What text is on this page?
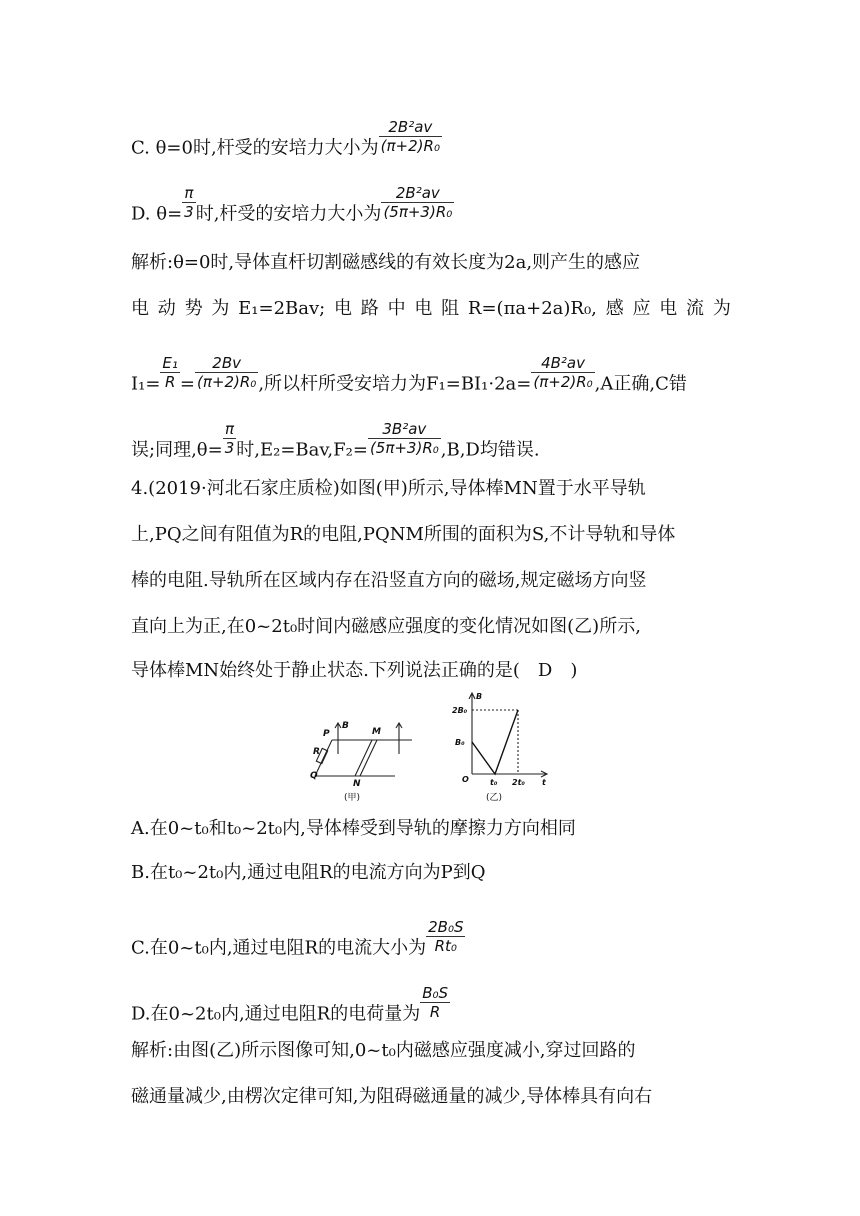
C. θ=0时,杆受的安培力大小为 $\frac{\text{2B²av}}{\text{(π+2)R₀}}$
D. $\theta= \frac{\pi}{3}$ 时,杆受的安培力大小为 $\frac{\text{2B²av}}{\text{(5π+3)R₀}}$
解析:θ=0时,导体直杆切割磁感线的有效长度为2a,则产生的感应
电 动 势 为 E₁=2Bav; 电 路 中 电 阻 R=(πa+2a)R₀, 感 应 电 流 为
$I_1= \frac{\text{E₁}}{R} = \frac{2Bv}{\text{(π+2)R₀}}$ ,所以杆所受安培力为$F_1=BI_1\cdot 2a= \frac{\text{4B²av}}{\text{(π+2)R₀}} ,A$正确,C错
误;同理$,\theta= \frac{\pi}{3}$ 时$,E_2=Bav,F_2= \frac{\text{3B²av}}{\text{(5π+3)R₀}} ,B,D$均错误.
4.(2019·河北石家庄质检)如图(甲)所示,导体棒MN置于水平导轨
上,PQ之间有阻值为R的电阻,PQNM所围的面积为S,不计导轨和导体
棒的电阻.导轨所在区域内存在沿竖直方向的磁场,规定磁场方向竖
直向上为正,在0~2t₀时间内磁感应强度的变化情况如图(乙)所示,
导体棒MN始终处于静止状态.下列说法正确的是(　D　)
P
B
M
R
Q
N
(甲)
B
t
O
2B₀
B₀
t₀ 2t₀
(乙)
A.在0~t₀和t₀~2t₀内,导体棒受到导轨的摩擦力方向相同
B.在t₀~2t₀内,通过电阻R的电流方向为P到Q
C.在0~t₀内,通过电阻R的电流大小为 $\frac{\text{2B₀S}}{\text{Rt₀}}$
D.在0~2t₀内,通过电阻R的电荷量为 $\frac{\text{B₀S}}{R}$
解析:由图(乙)所示图像可知,0~t₀内磁感应强度减小,穿过回路的
磁通量减少,由楞次定律可知,为阻碍磁通量的减少,导体棒具有向右
